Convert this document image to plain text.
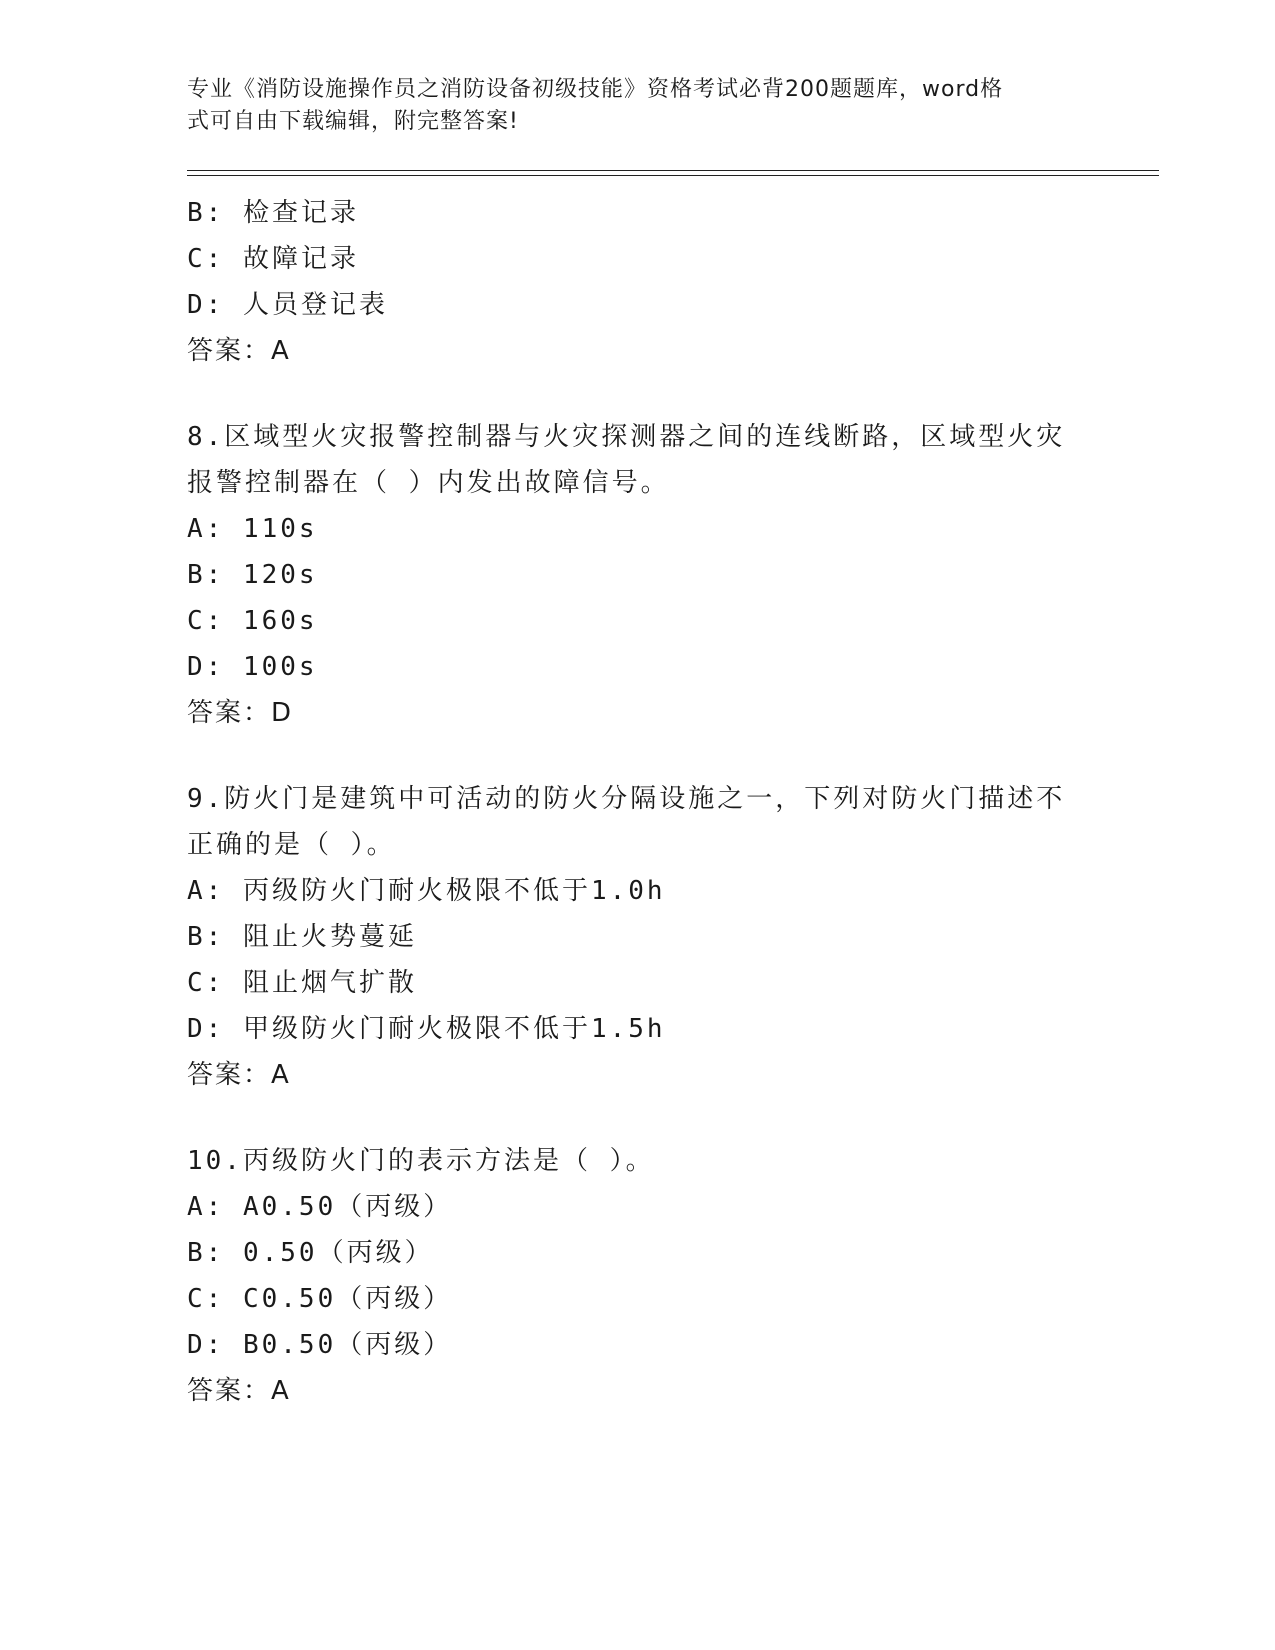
专业《消防设施操作员之消防设备初级技能》资格考试必背200题题库，word格
式可自由下载编辑，附完整答案!
B: 检查记录
C: 故障记录
D: 人员登记表
答案：A
8.区域型火灾报警控制器与火灾探测器之间的连线断路，区域型火灾
报警控制器在（ ）内发出故障信号。
A: 110s
B: 120s
C: 160s
D: 100s
答案：D
9.防火门是建筑中可活动的防火分隔设施之一，下列对防火门描述不
正确的是（ ）。
A: 丙级防火门耐火极限不低于1.0h
B: 阻止火势蔓延
C: 阻止烟气扩散
D: 甲级防火门耐火极限不低于1.5h
答案：A
10.丙级防火门的表示方法是（ ）。
A: A0.50（丙级）
B: 0.50（丙级）
C: C0.50（丙级）
D: B0.50（丙级）
答案：A
